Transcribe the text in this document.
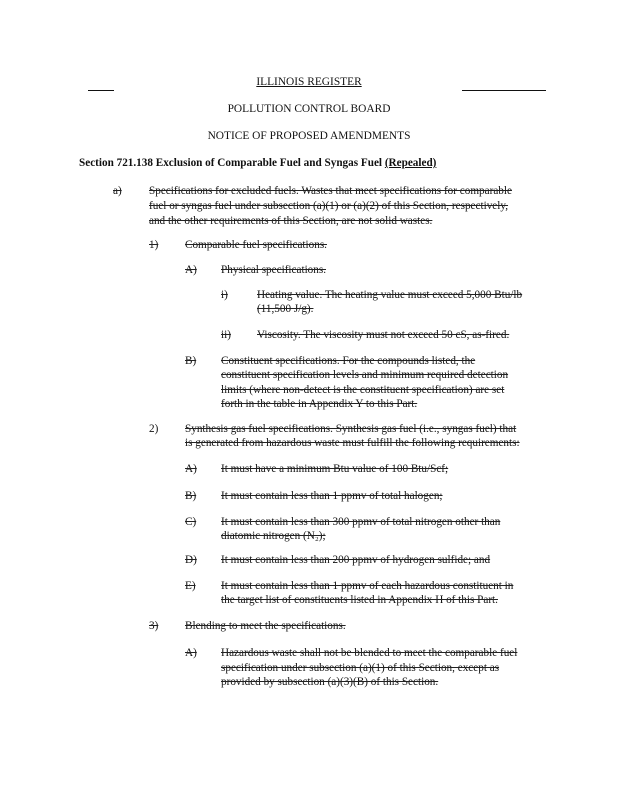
ILLINOIS REGISTER
POLLUTION CONTROL BOARD
NOTICE OF PROPOSED AMENDMENTS
Section 721.138 Exclusion of Comparable Fuel and Syngas Fuel (Repealed)
a) Specifications for excluded fuels. Wastes that meet specifications for comparable
fuel or syngas fuel under subsection (a)(1) or (a)(2) of this Section, respectively,
and the other requirements of this Section, are not solid wastes.
1) Comparable fuel specifications.
A) Physical specifications.
i)	Heating value. The heating value must exceed 5,000 Btu/lb
(11,500 J/g).
ii) Viscosity. The viscosity must not exceed 50 cS, as-fired.
B) Constituent specifications. For the compounds listed, the
constituent specification levels and minimum required detection
limits (where non-detect is the constituent specification) are set
forth in the table in Appendix Y to this Part.
2) Synthesis gas fuel specifications. Synthesis gas fuel (i.e., syngas fuel) that
is generated from hazardous waste must fulfill the following requirements:
A) It must have a minimum Btu value of 100 Btu/Scf;
B) It must contain less than 1 ppmv of total halogen;
C) It must contain less than 300 ppmv of total nitrogen other than
diatomic nitrogen (N₂);
D) It must contain less than 200 ppmv of hydrogen sulfide; and
E) It must contain less than 1 ppmv of each hazardous constituent in
the target list of constituents listed in Appendix H of this Part.
3) Blending to meet the specifications.
A) Hazardous waste shall not be blended to meet the comparable fuel
specification under subsection (a)(1) of this Section, except as
provided by subsection (a)(3)(B) of this Section.
